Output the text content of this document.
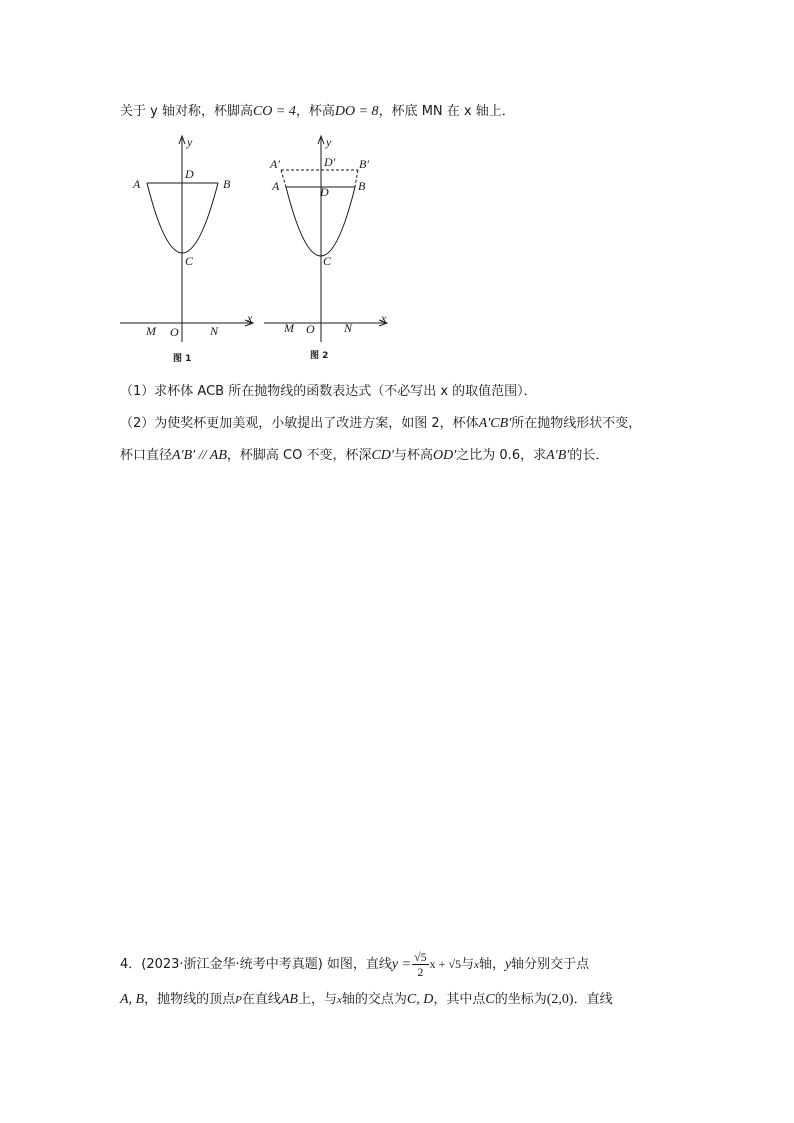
关于 y 轴对称，杯脚高CO = 4，杯高DO = 8，杯底 MN 在 x 轴上．
y
A
D
B
C
x
M O	N
图 1
y
A′	D′ B′
A	D B
C
x
M O N
图 2
（1）求杯体 ACB 所在抛物线的函数表达式（不必写出 x 的取值范围）．
（2）为使奖杯更加美观，小敏提出了改进方案，如图 2，杯体A′CB′所在抛物线形状不变，
杯口直径A′B′ // AB，杯脚高 CO 不变，杯深CD′与杯高OD′之比为 0.6，求A′B′的长．
4．(2023·浙江金华·统考中考真题) 如图，直线$y = \frac{√5}{2}$ x + √5与x轴，y轴分别交于点
A, B，抛物线的顶点P在直线AB上，与x轴的交点为C, D，其中点C的坐标为(2,0)．直线
